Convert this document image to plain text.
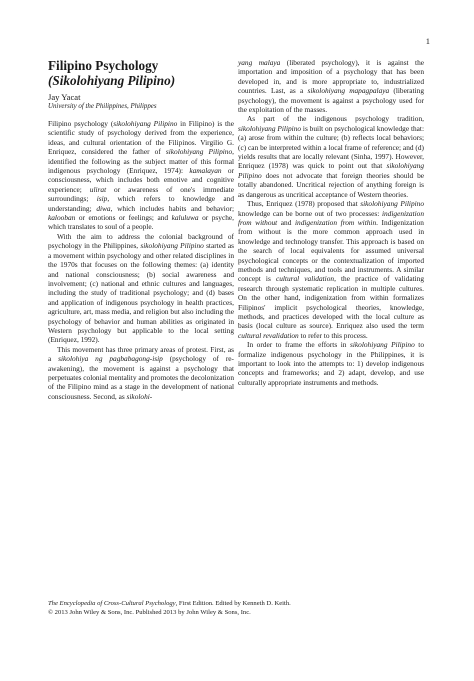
1
Filipino Psychology
(Sikolohiyang Pilipino)
Jay Yacat
University of the Philippines, Philippes

Filipino psychology (sikolohiyang Pilipino in Filipino) is the scientific study of psychology derived from the experience, ideas, and cultural orientation of the Filipinos. Virgilio G. Enriquez, considered the father of sikolohiyang Pilipino, identified the following as the subject matter of this formal indigenous psychology (Enriquez, 1974): kamalayan or consciousness, which includes both emotive and cognitive experience; ulirat or awareness of one's immediate surroundings; isip, which refers to knowledge and understanding; diwa, which includes habits and behavior; kalooban or emotions or feelings; and kaluluwa or psyche, which translates to soul of a people.

With the aim to address the colonial background of psychology in the Philippines, sikolohiyang Pilipino started as a movement within psychology and other related disciplines in the 1970s that focuses on the following themes: (a) identity and national consciousness; (b) social awareness and involvement; (c) national and ethnic cultures and languages, including the study of traditional psychology; and (d) bases and application of indigenous psychology in health practices, agriculture, art, mass media, and religion but also including the psychology of behavior and human abilities as originated in Western psychology but applicable to the local setting (Enriquez, 1992).

This movement has three primary areas of protest. First, as a sikolohiya ng pagbabagong-isip (psychology of re-awakening), the movement is against a psychology that perpetuates colonial mentality and promotes the decolonization of the Filipino mind as a stage in the development of national consciousness. Second, as sikolohi-

yang malaya (liberated psychology), it is against the importation and imposition of a psychology that has been developed in, and is more appropriate to, industrialized countries. Last, as a sikolohiyang mapagpalaya (liberating psychology), the movement is against a psychology used for the exploitation of the masses.

As part of the indigenous psychology tradition, sikolohiyang Pilipino is built on psychological knowledge that: (a) arose from within the culture; (b) reflects local behaviors; (c) can be interpreted within a local frame of reference; and (d) yields results that are locally relevant (Sinha, 1997). However, Enriquez (1978) was quick to point out that sikolohiyang Pilipino does not advocate that foreign theories should be totally abandoned. Uncritical rejection of anything foreign is as dangerous as uncritical acceptance of Western theories.

Thus, Enriquez (1978) proposed that sikolohiyang Pilipino knowledge can be borne out of two processes: indigenization from without and indigenization from within. Indigenization from without is the more common approach used in knowledge and technology transfer. This approach is based on the search of local equivalents for assumed universal psychological concepts or the contextualization of imported methods and techniques, and tools and instruments. A similar concept is cultural validation, the practice of validating research through systematic replication in multiple cultures. On the other hand, indigenization from within formalizes Filipinos' implicit psychological theories, knowledge, methods, and practices developed with the local culture as basis (local culture as source). Enriquez also used the term cultural revalidation to refer to this process.

In order to frame the efforts in sikolohiyang Pilipino to formalize indigenous psychology in the Philippines, it is important to look into the attempts to: 1) develop indigenous concepts and frameworks; and 2) adapt, develop, and use culturally appropriate instruments and methods.

The Encyclopedia of Cross-Cultural Psychology, First Edition. Edited by Kenneth D. Keith.
© 2013 John Wiley & Sons, Inc. Published 2013 by John Wiley & Sons, Inc.
